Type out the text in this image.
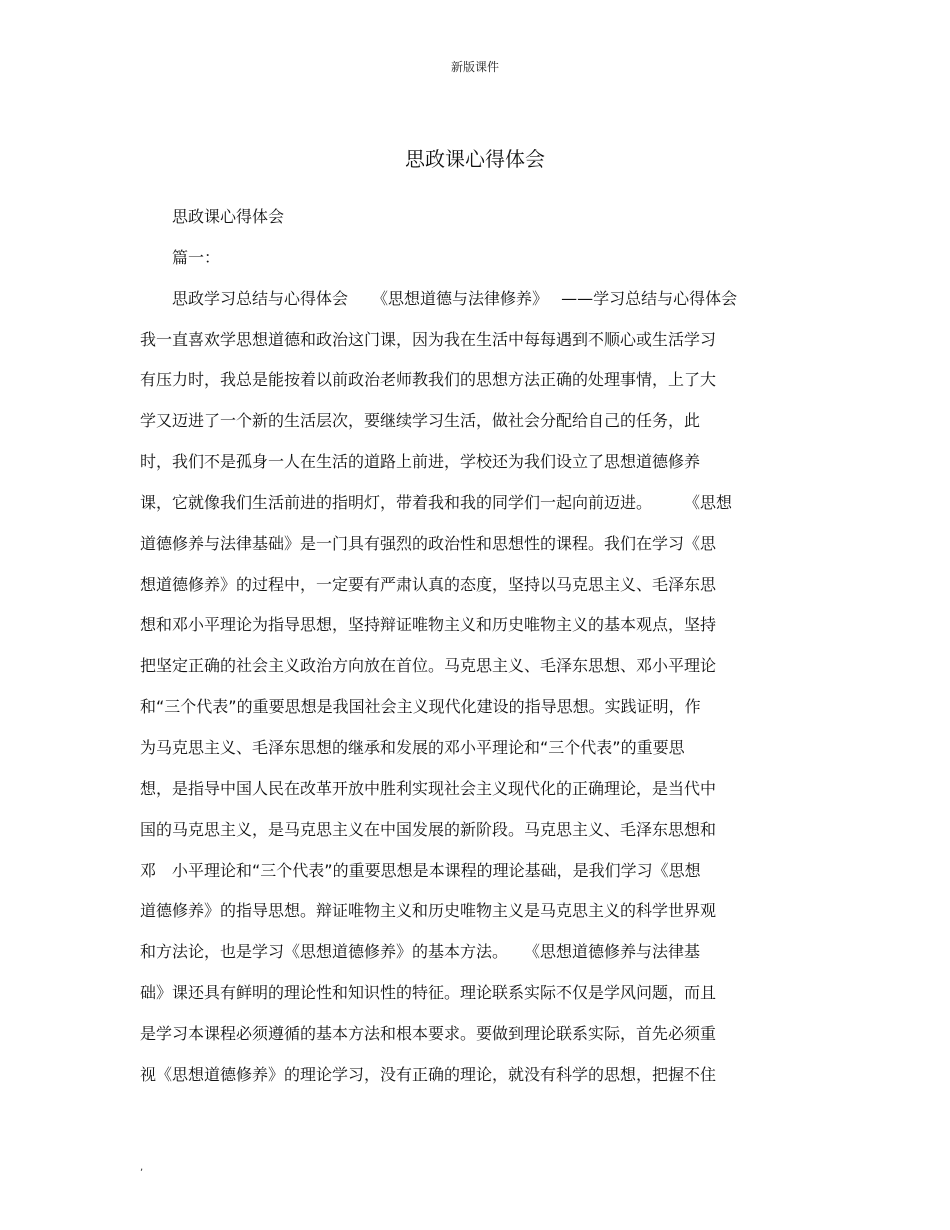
新版课件
思政课心得体会
　　思政课心得体会
　　篇一：
　　思政学习总结与心得体会　　《思想道德与法律修养》　 ——学习总结与心得体会
我一直喜欢学思想道德和政治这门课，因为我在生活中每每遇到不顺心或生活学习
有压力时，我总是能按着以前政治老师教我们的思想方法正确的处理事情，上了大
学又迈进了一个新的生活层次，要继续学习生活，做社会分配给自己的任务，此
时，我们不是孤身一人在生活的道路上前进，学校还为我们设立了思想道德修养
课，它就像我们生活前进的指明灯，带着我和我的同学们一起向前迈进。　　　《思想
道德修养与法律基础》是一门具有强烈的政治性和思想性的课程。我们在学习《思
想道德修养》的过程中，一定要有严肃认真的态度，坚持以马克思主义、毛泽东思
想和邓小平理论为指导思想，坚持辩证唯物主义和历史唯物主义的基本观点，坚持
把坚定正确的社会主义政治方向放在首位。马克思主义、毛泽东思想、邓小平理论
和“三个代表”的重要思想是我国社会主义现代化建设的指导思想。实践证明，作
为马克思主义、毛泽东思想的继承和发展的邓小平理论和“三个代表”的重要思
想，是指导中国人民在改革开放中胜利实现社会主义现代化的正确理论，是当代中
国的马克思主义，是马克思主义在中国发展的新阶段。马克思主义、毛泽东思想和
邓　小平理论和“三个代表”的重要思想是本课程的理论基础，是我们学习《思想
道德修养》的指导思想。辩证唯物主义和历史唯物主义是马克思主义的科学世界观
和方法论，也是学习《思想道德修养》的基本方法。　　《思想道德修养与法律基
础》课还具有鲜明的理论性和知识性的特征。理论联系实际不仅是学风问题，而且
是学习本课程必须遵循的基本方法和根本要求。要做到理论联系实际，首先必须重
视《思想道德修养》的理论学习，没有正确的理论，就没有科学的思想，把握不住
,
